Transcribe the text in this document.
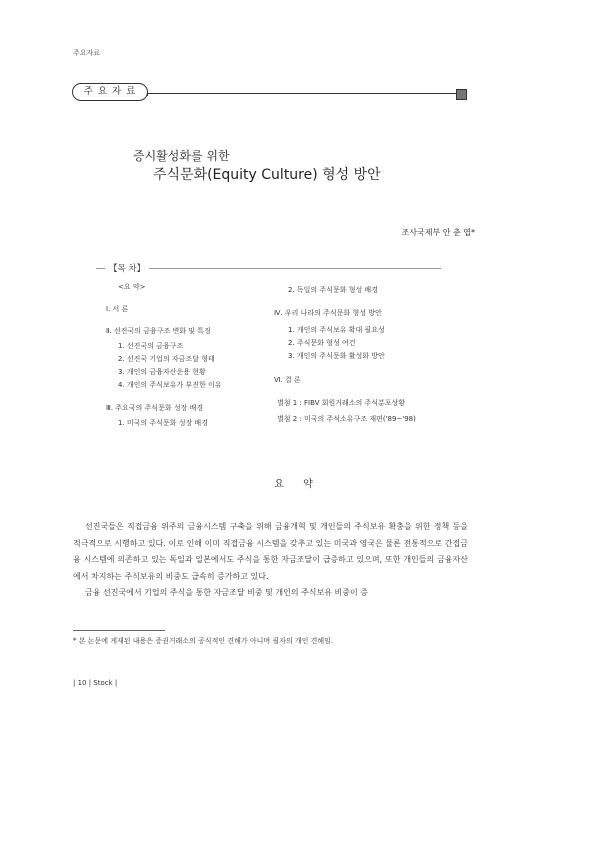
주요자료
주요자료
증시활성화를 위한
주식문화(Equity Culture) 형성 방안
조사국제부 안 춘 엽*
【목 차】
<요 약>
Ⅰ. 서 론
Ⅱ. 선진국의 금융구조 변화 및 특징
1. 선진국의 금융구조
2. 선진국 기업의 자금조달 형태
3. 개인의 금융자산운용 현황
4. 개인의 주식보유가 부진한 이유
Ⅲ. 주요국의 주식문화 성장 배경
1. 미국의 주식문화 성장 배경
2. 독일의 주식문화 형성 배경
Ⅳ. 우리 나라의 주식문화 형성 방안
1. 개인의 주식보유 확대 필요성
2. 주식문화 형성 여건
3. 개인의 주식문화 활성화 방안
Ⅵ. 결 론
별첨 1 : FIBV 회원거래소의 주식분포상황
별첨 2 : 미국의 주식소유구조 재편('89~'98)
요 약

선진국들은 직접금융 위주의 금융시스템 구축을 위해 금융개혁 및 개인들의 주식보유 확충을 위한 정책 등을 적극적으로 시행하고 있다. 이로 인해 이미 직접금융 시스템을 갖추고 있는 미국과 영국은 물론 전통적으로 간접금융 시스템에 의존하고 있는 독일과 일본에서도 주식을 통한 자금조달이 급증하고 있으며, 또한 개인들의 금융자산에서 차지하는 주식보유의 비중도 급속히 증가하고 있다.

금융 선진국에서 기업의 주식을 통한 자금조달 비중 및 개인의 주식보유 비중이 증

* 본 논문에 게재된 내용은 증권거래소의 공식적인 견해가 아니며 필자의 개인 견해임.
| 10 | Stock |
